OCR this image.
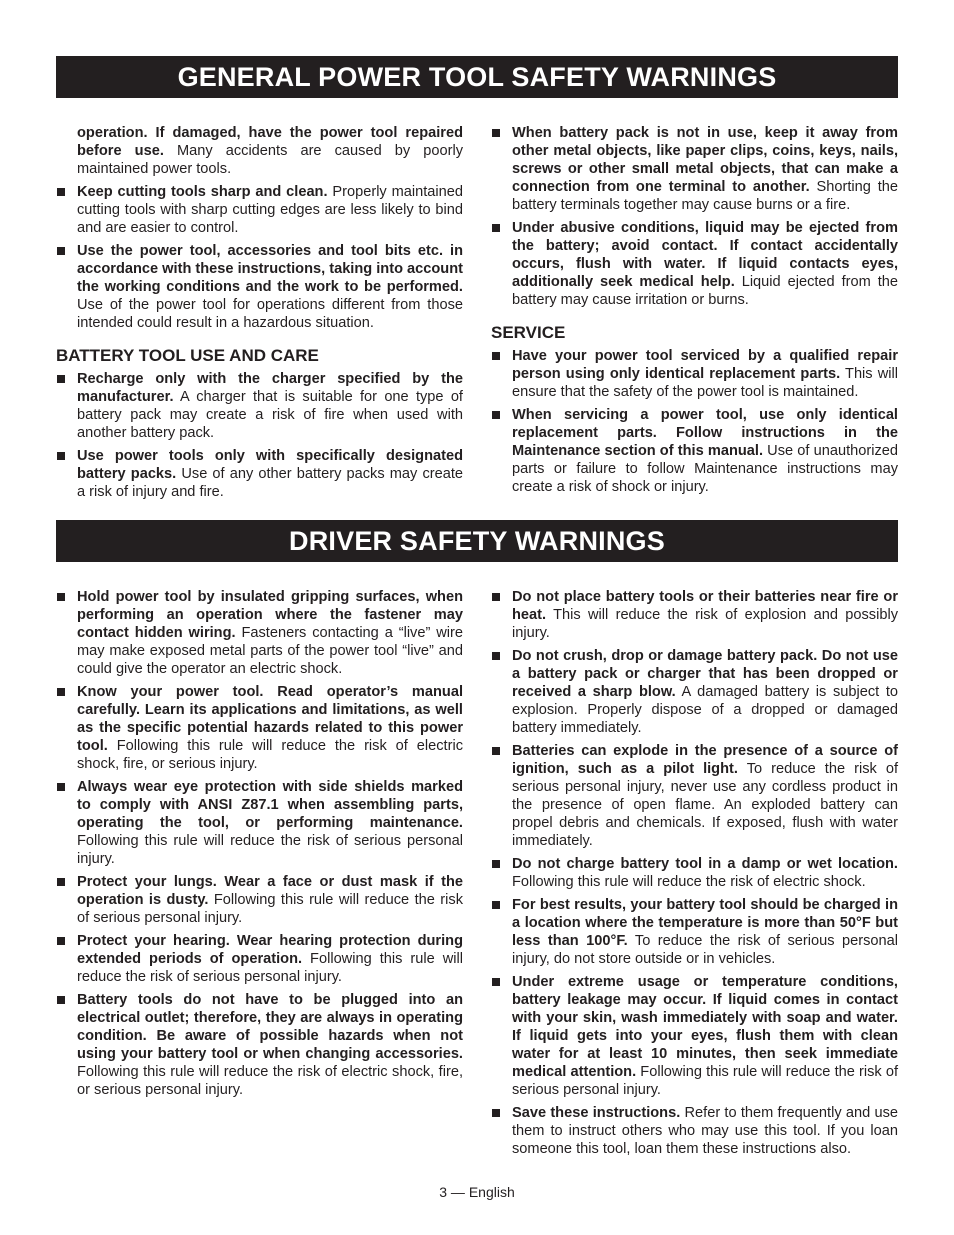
GENERAL POWER TOOL SAFETY WARNINGS

operation. If damaged, have the power tool repaired before use. Many accidents are caused by poorly maintained power tools.

Keep cutting tools sharp and clean. Properly maintained cutting tools with sharp cutting edges are less likely to bind and are easier to control.
Use the power tool, accessories and tool bits etc. in accordance with these instructions, taking into account the working conditions and the work to be performed. Use of the power tool for operations different from those intended could result in a hazardous situation.
BATTERY TOOL USE AND CARE
Recharge only with the charger specified by the manufacturer. A charger that is suitable for one type of battery pack may create a risk of fire when used with another battery pack.
Use power tools only with specifically designated battery packs. Use of any other battery packs may create a risk of injury and fire.
When battery pack is not in use, keep it away from other metal objects, like paper clips, coins, keys, nails, screws or other small metal objects, that can make a connection from one terminal to another. Shorting the battery terminals together may cause burns or a fire.
Under abusive conditions, liquid may be ejected from the battery; avoid contact. If contact accidentally occurs, flush with water. If liquid contacts eyes, additionally seek medical help. Liquid ejected from the battery may cause irritation or burns.
SERVICE
Have your power tool serviced by a qualified repair person using only identical replacement parts. This will ensure that the safety of the power tool is maintained.
When servicing a power tool, use only identical replacement parts. Follow instructions in the Maintenance section of this manual. Use of unauthorized parts or failure to follow Maintenance instructions may create a risk of shock or injury.
DRIVER SAFETY WARNINGS
Hold power tool by insulated gripping surfaces, when performing an operation where the fastener may contact hidden wiring. Fasteners contacting a “live” wire may make exposed metal parts of the power tool “live” and could give the operator an electric shock.
Know your power tool. Read operator’s manual carefully. Learn its applications and limitations, as well as the specific potential hazards related to this power tool. Following this rule will reduce the risk of electric shock, fire, or serious injury.
Always wear eye protection with side shields marked to comply with ANSI Z87.1 when assembling parts, operating the tool, or performing maintenance. Following this rule will reduce the risk of serious personal injury.
Protect your lungs. Wear a face or dust mask if the operation is dusty. Following this rule will reduce the risk of serious personal injury.
Protect your hearing. Wear hearing protection during extended periods of operation. Following this rule will reduce the risk of serious personal injury.
Battery tools do not have to be plugged into an electrical outlet; therefore, they are always in operating condition. Be aware of possible hazards when not using your battery tool or when changing accessories. Following this rule will reduce the risk of electric shock, fire, or serious personal injury.
Do not place battery tools or their batteries near fire or heat. This will reduce the risk of explosion and possibly injury.
Do not crush, drop or damage battery pack. Do not use a battery pack or charger that has been dropped or received a sharp blow. A damaged battery is subject to explosion. Properly dispose of a dropped or damaged battery immediately.
Batteries can explode in the presence of a source of ignition, such as a pilot light. To reduce the risk of serious personal injury, never use any cordless product in the presence of open flame. An exploded battery can propel debris and chemicals. If exposed, flush with water immediately.
Do not charge battery tool in a damp or wet location. Following this rule will reduce the risk of electric shock.
For best results, your battery tool should be charged in a location where the temperature is more than 50°F but less than 100°F. To reduce the risk of serious personal injury, do not store outside or in vehicles.
Under extreme usage or temperature conditions, battery leakage may occur. If liquid comes in contact with your skin, wash immediately with soap and water. If liquid gets into your eyes, flush them with clean water for at least 10 minutes, then seek immediate medical attention. Following this rule will reduce the risk of serious personal injury.
Save these instructions. Refer to them frequently and use them to instruct others who may use this tool. If you loan someone this tool, loan them these instructions also.
3 — English
